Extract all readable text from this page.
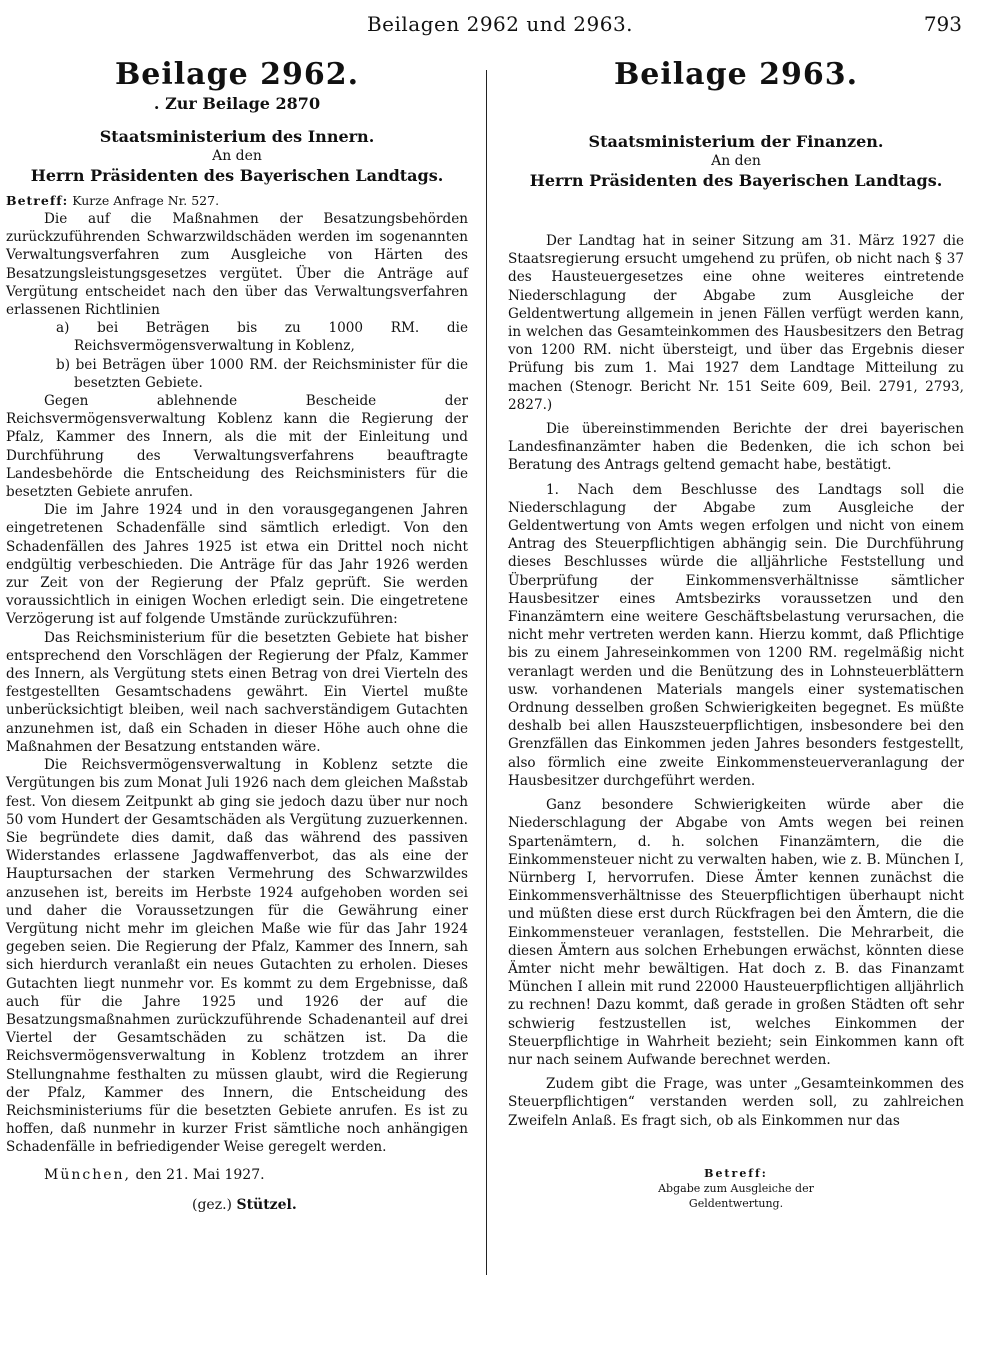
Beilagen 2962 und 2963.	793
Beilage 2962.
. Zur Beilage 2870
Staatsministerium des Innern.
An den
Herrn Präsidenten des Bayerischen Landtags.
Betreff: Kurze Anfrage Nr. 527.

Die auf die Maßnahmen der Besatzungsbehörden zurückzuführenden Schwarzwildschäden werden im sogenannten Verwaltungsverfahren zum Ausgleiche von Härten des Besatzungsleistungsgesetzes vergütet. Über die Anträge auf Vergütung entscheidet nach den über das Verwaltungsverfahren erlassenen Richtlinien

a) bei Beträgen bis zu 1000 RM. die Reichsvermögensverwaltung in Koblenz,
b) bei Beträgen über 1000 RM. der Reichsminister für die besetzten Gebiete.

Gegen ablehnende Bescheide der Reichsvermögensverwaltung Koblenz kann die Regierung der Pfalz, Kammer des Innern, als die mit der Einleitung und Durchführung des Verwaltungsverfahrens beauftragte Landesbehörde die Entscheidung des Reichsministers für die besetzten Gebiete anrufen.

Die im Jahre 1924 und in den vorausgegangenen Jahren eingetretenen Schadenfälle sind sämtlich erledigt. Von den Schadenfällen des Jahres 1925 ist etwa ein Drittel noch nicht endgültig verbeschieden. Die Anträge für das Jahr 1926 werden zur Zeit von der Regierung der Pfalz geprüft. Sie werden voraussichtlich in einigen Wochen erledigt sein. Die eingetretene Verzögerung ist auf folgende Umstände zurückzuführen:

Das Reichsministerium für die besetzten Gebiete hat bisher entsprechend den Vorschlägen der Regierung der Pfalz, Kammer des Innern, als Vergütung stets einen Betrag von drei Vierteln des festgestellten Gesamtschadens gewährt. Ein Viertel mußte unberücksichtigt bleiben, weil nach sachverständigem Gutachten anzunehmen ist, daß ein Schaden in dieser Höhe auch ohne die Maßnahmen der Besatzung entstanden wäre.

Die Reichsvermögensverwaltung in Koblenz setzte die Vergütungen bis zum Monat Juli 1926 nach dem gleichen Maßstab fest. Von diesem Zeitpunkt ab ging sie jedoch dazu über nur noch 50 vom Hundert der Gesamtschäden als Vergütung zuzuerkennen. Sie begründete dies damit, daß das während des passiven Widerstandes erlassene Jagdwaffenverbot, das als eine der Hauptursachen der starken Vermehrung des Schwarzwildes anzusehen ist, bereits im Herbste 1924 aufgehoben worden sei und daher die Voraussetzungen für die Gewährung einer Vergütung nicht mehr im gleichen Maße wie für das Jahr 1924 gegeben seien. Die Regierung der Pfalz, Kammer des Innern, sah sich hierdurch veranlaßt ein neues Gutachten zu erholen. Dieses Gutachten liegt nunmehr vor. Es kommt zu dem Ergebnisse, daß auch für die Jahre 1925 und 1926 der auf die Besatzungsmaßnahmen zurückzuführende Schadenanteil auf drei Viertel der Gesamtschäden zu schätzen ist. Da die Reichsvermögensverwaltung in Koblenz trotzdem an ihrer Stellungnahme festhalten zu müssen glaubt, wird die Regierung der Pfalz, Kammer des Innern, die Entscheidung des Reichsministeriums für die besetzten Gebiete anrufen. Es ist zu hoffen, daß nunmehr in kurzer Frist sämtliche noch anhängigen Schadenfälle in befriedigender Weise geregelt werden.

München, den 21. Mai 1927.
(gez.) Stützel.
Beilage 2963.
Staatsministerium der Finanzen.
An den
Herrn Präsidenten des Bayerischen Landtags.

Der Landtag hat in seiner Sitzung am 31. März 1927 die Staatsregierung ersucht umgehend zu prüfen, ob nicht nach § 37 des Hausteuergesetzes eine ohne weiteres eintretende Niederschlagung der Abgabe zum Ausgleiche der Geldentwertung allgemein in jenen Fällen verfügt werden kann, in welchen das Gesamteinkommen des Hausbesitzers den Betrag von 1200 RM. nicht übersteigt, und über das Ergebnis dieser Prüfung bis zum 1. Mai 1927 dem Landtage Mitteilung zu machen (Stenogr. Bericht Nr. 151 Seite 609, Beil. 2791, 2793, 2827.)

Die übereinstimmenden Berichte der drei bayerischen Landesfinanzämter haben die Bedenken, die ich schon bei Beratung des Antrags geltend gemacht habe, bestätigt.

1. Nach dem Beschlusse des Landtags soll die Niederschlagung der Abgabe zum Ausgleiche der Geldentwertung von Amts wegen erfolgen und nicht von einem Antrag des Steuerpflichtigen abhängig sein. Die Durchführung dieses Beschlusses würde die alljährliche Feststellung und Überprüfung der Einkommensverhältnisse sämtlicher Hausbesitzer eines Amtsbezirks voraussetzen und den Finanzämtern eine weitere Geschäftsbelastung verursachen, die nicht mehr vertreten werden kann. Hierzu kommt, daß Pflichtige bis zu einem Jahreseinkommen von 1200 RM. regelmäßig nicht veranlagt werden und die Benützung des in Lohnsteuerblättern usw. vorhandenen Materials mangels einer systematischen Ordnung desselben großen Schwierigkeiten begegnet. Es müßte deshalb bei allen Hauszsteuerpflichtigen, insbesondere bei den Grenzfällen das Einkommen jeden Jahres besonders festgestellt, also förmlich eine zweite Einkommensteuerveranlagung der Hausbesitzer durchgeführt werden.

Ganz besondere Schwierigkeiten würde aber die Niederschlagung der Abgabe von Amts wegen bei reinen Spartenämtern, d. h. solchen Finanzämtern, die die Einkommensteuer nicht zu verwalten haben, wie z. B. München I, Nürnberg I, hervorrufen. Diese Ämter kennen zunächst die Einkommensverhältnisse des Steuerpflichtigen überhaupt nicht und müßten diese erst durch Rückfragen bei den Ämtern, die die Einkommensteuer veranlagen, feststellen. Die Mehrarbeit, die diesen Ämtern aus solchen Erhebungen erwächst, könnten diese Ämter nicht mehr bewältigen. Hat doch z. B. das Finanzamt München I allein mit rund 22000 Hausteuerpflichtigen alljährlich zu rechnen! Dazu kommt, daß gerade in großen Städten oft sehr schwierig festzustellen ist, welches Einkommen der Steuerpflichtige in Wahrheit bezieht; sein Einkommen kann oft nur nach seinem Aufwande berechnet werden.

Zudem gibt die Frage, was unter „Gesamteinkommen des Steuerpflichtigen“ verstanden werden soll, zu zahlreichen Zweifeln Anlaß. Es fragt sich, ob als Einkommen nur das

Betreff:
Abgabe zum Ausgleiche der Geldentwertung.
